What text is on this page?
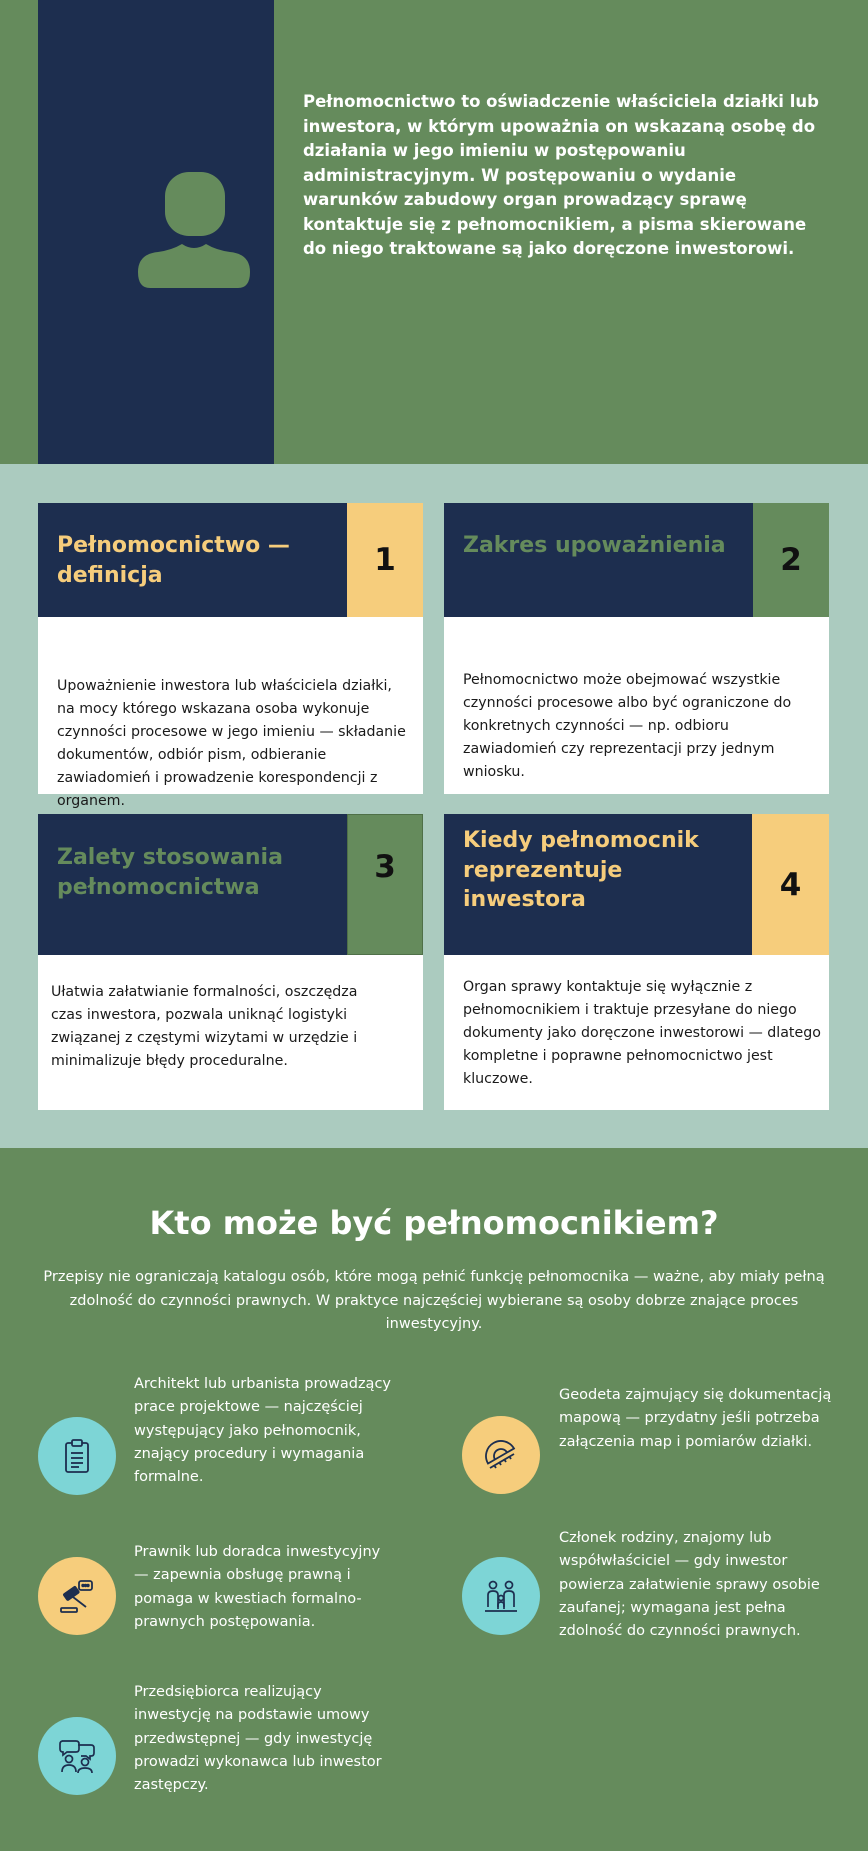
Pełnomocnictwo to oświadczenie właściciela działki lub inwestora, w którym upoważnia on wskazaną osobę do działania w jego imieniu w postępowaniu administracyjnym. W postępowaniu o wydanie warunków zabudowy organ prowadzący sprawę kontaktuje się z pełnomocnikiem, a pisma skierowane do niego traktowane są jako doręczone inwestorowi.

Pełnomocnictwo — definicja	1

Upoważnienie inwestora lub właściciela działki, na mocy którego wskazana osoba wykonuje czynności procesowe w jego imieniu — składanie dokumentów, odbiór pism, odbieranie zawiadomień i prowadzenie korespondencji z organem.

Zakres upoważnienia	2

Pełnomocnictwo może obejmować wszystkie czynności procesowe albo być ograniczone do konkretnych czynności — np. odbioru zawiadomień czy reprezentacji przy jednym wniosku.

Zalety stosowania pełnomocnictwa
3

Ułatwia załatwianie formalności, oszczędza czas inwestora, pozwala uniknąć logistyki związanej z częstymi wizytami w urzędzie i minimalizuje błędy proceduralne.

Kiedy pełnomocnik reprezentuje inwestora	4

Organ sprawy kontaktuje się wyłącznie z pełnomocnikiem i traktuje przesyłane do niego dokumenty jako doręczone inwestorowi — dlatego kompletne i poprawne pełnomocnictwo jest kluczowe.

Kto może być pełnomocnikiem?

Przepisy nie ograniczają katalogu osób, które mogą pełnić funkcję pełnomocnika — ważne, aby miały pełną zdolność do czynności prawnych. W praktyce najczęściej wybierane są osoby dobrze znające proces inwestycyjny.

Architekt lub urbanista prowadzący prace projektowe — najczęściej występujący jako pełnomocnik, znający procedury i wymagania formalne.

Geodeta zajmujący się dokumentacją mapową — przydatny jeśli potrzeba załączenia map i pomiarów działki.

Prawnik lub doradca inwestycyjny — zapewnia obsługę prawną i pomaga w kwestiach formalno-prawnych postępowania.

Członek rodziny, znajomy lub współwłaściciel — gdy inwestor powierza załatwienie sprawy osobie zaufanej; wymagana jest pełna zdolność do czynności prawnych.

Przedsiębiorca realizujący inwestycję na podstawie umowy przedwstępnej — gdy inwestycję prowadzi wykonawca lub inwestor zastępczy.
